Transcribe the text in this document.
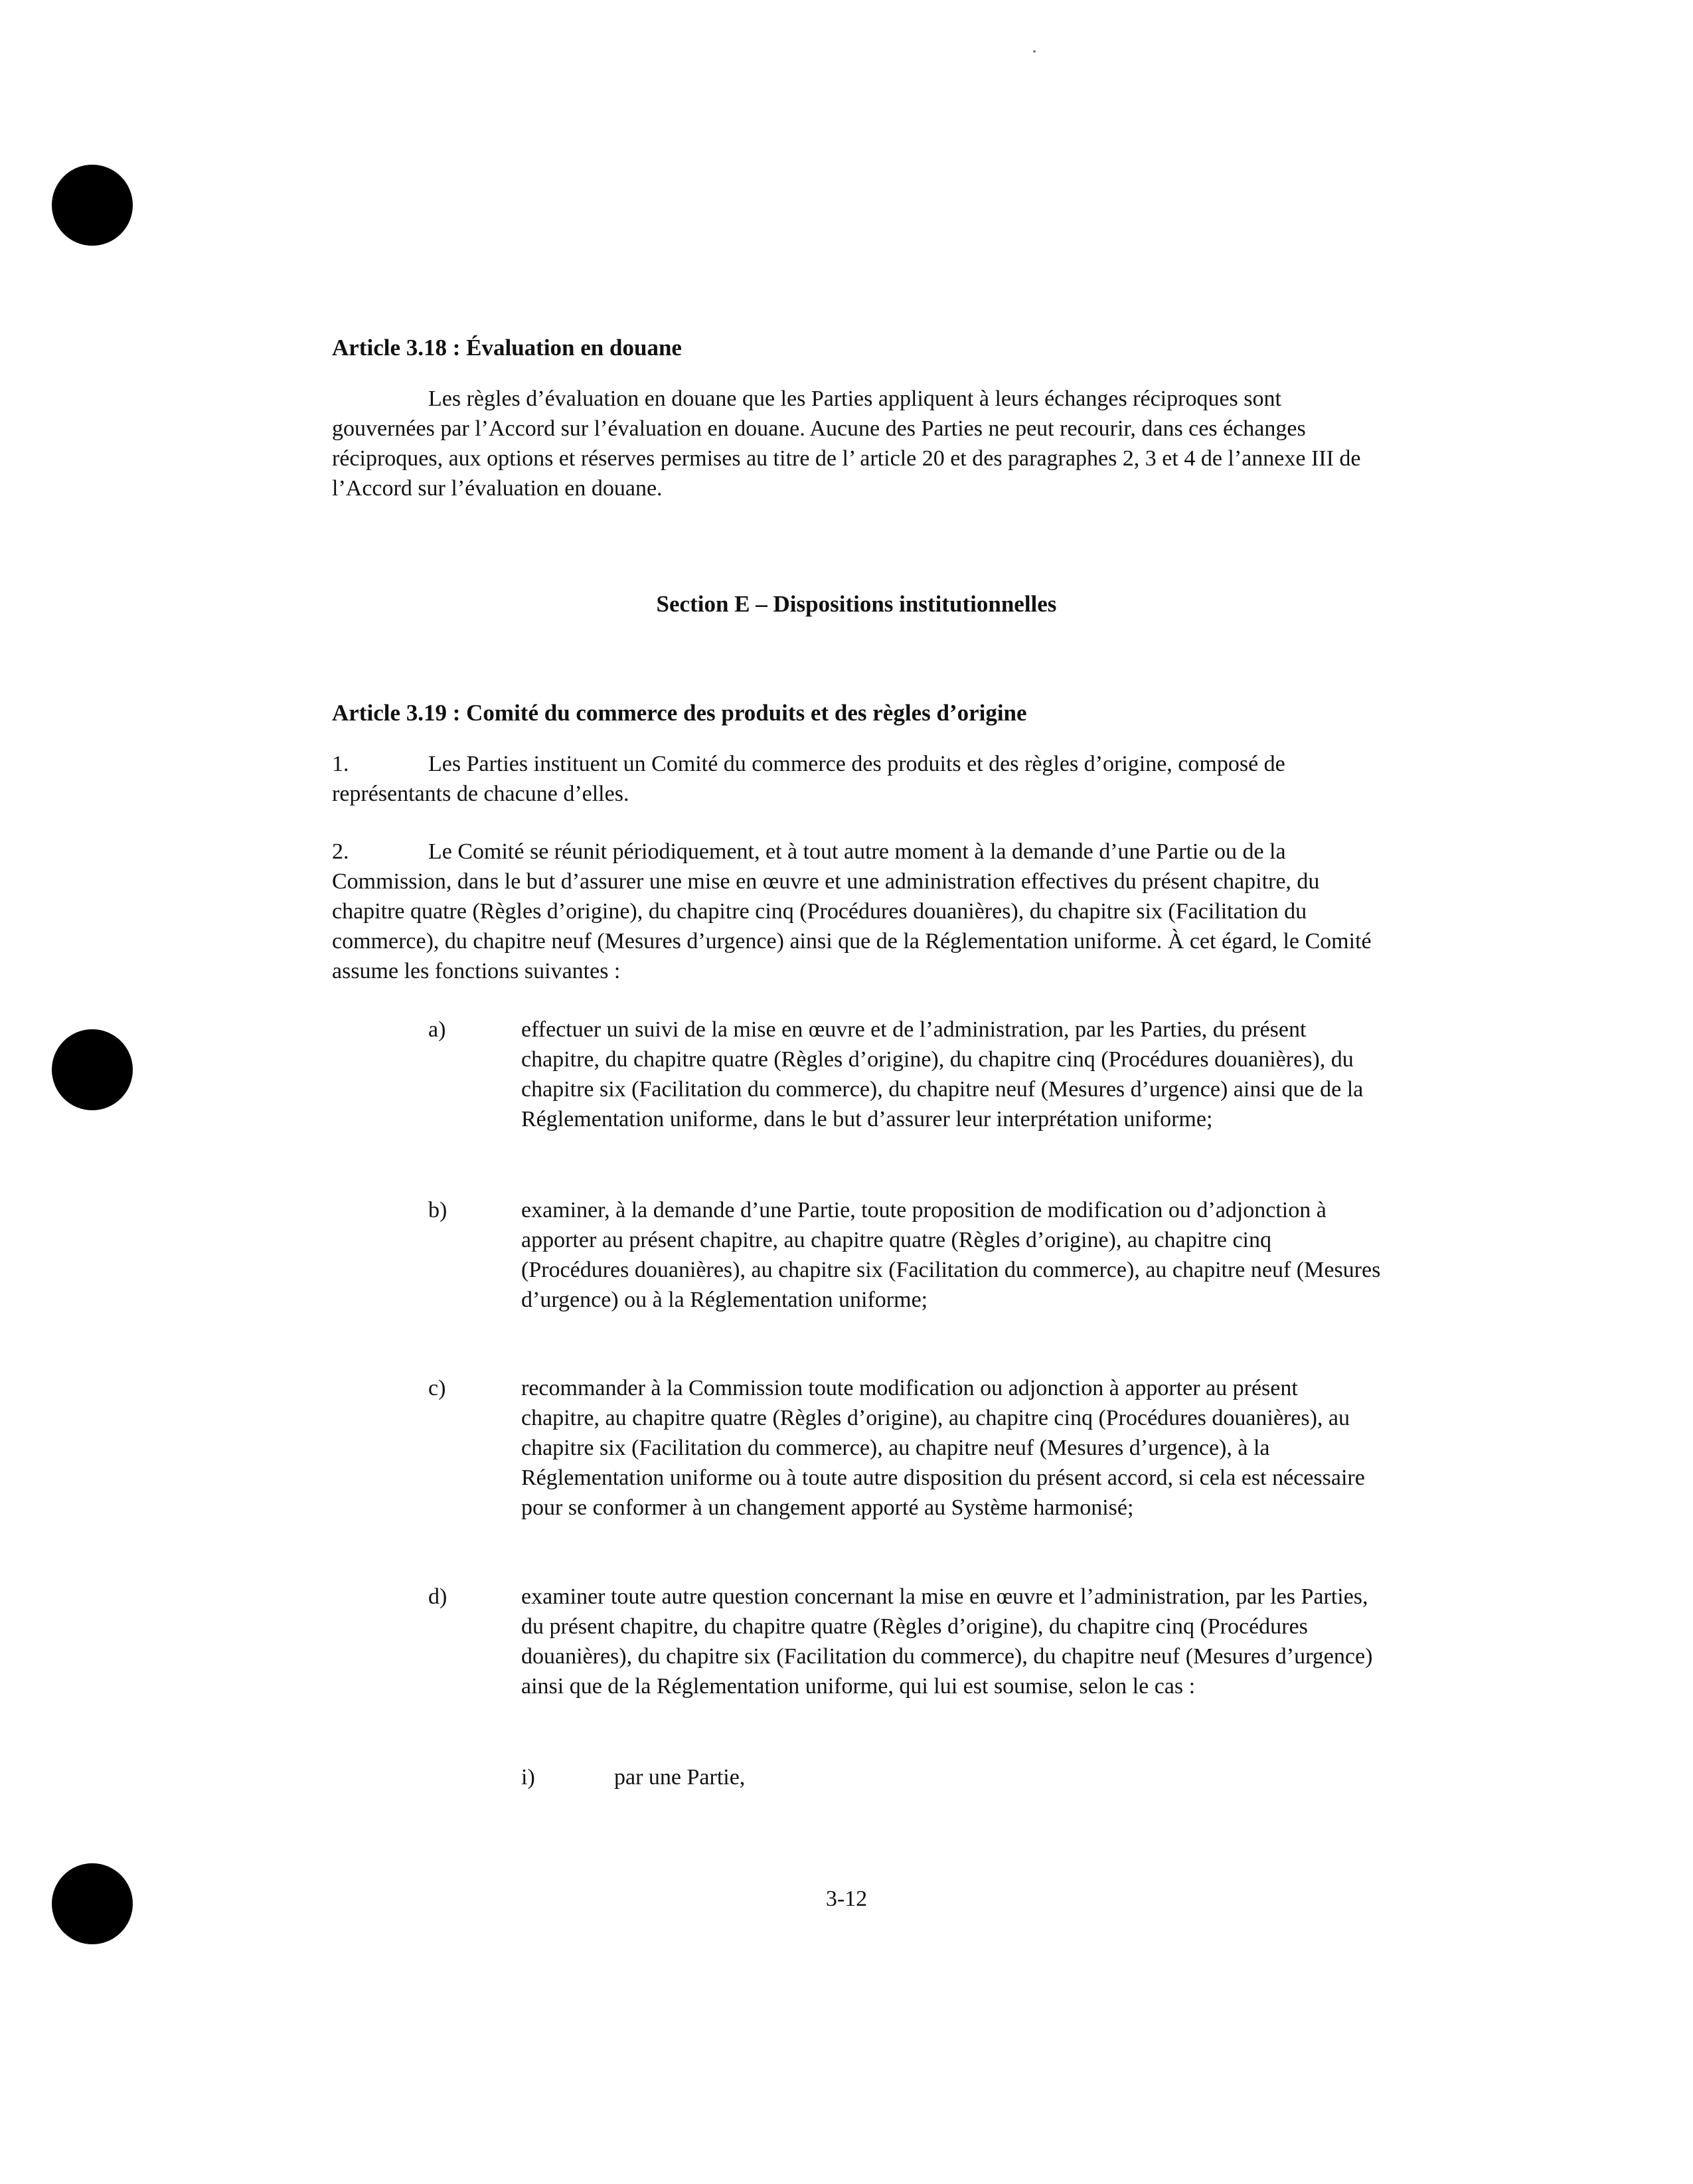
Article 3.18 : Évaluation en douane
Les règles d’évaluation en douane que les Parties appliquent à leurs échanges réciproques sont gouvernées par l’Accord sur l’évaluation en douane. Aucune des Parties ne peut recourir, dans ces échanges réciproques, aux options et réserves permises au titre de l’ article 20 et des paragraphes 2, 3 et 4 de l’annexe III de l’Accord sur l’évaluation en douane.
Section E – Dispositions institutionnelles
Article 3.19 : Comité du commerce des produits et des règles d’origine
1.	Les Parties instituent un Comité du commerce des produits et des règles d’origine, composé de représentants de chacune d’elles.
2.	Le Comité se réunit périodiquement, et à tout autre moment à la demande d’une Partie ou de la Commission, dans le but d’assurer une mise en œuvre et une administration effectives du présent chapitre, du chapitre quatre (Règles d’origine), du chapitre cinq (Procédures douanières), du chapitre six (Facilitation du commerce), du chapitre neuf (Mesures d’urgence) ainsi que de la Réglementation uniforme. À cet égard, le Comité assume les fonctions suivantes :
a)	effectuer un suivi de la mise en œuvre et de l’administration, par les Parties, du présent chapitre, du chapitre quatre (Règles d’origine), du chapitre cinq (Procédures douanières), du chapitre six (Facilitation du commerce), du chapitre neuf (Mesures d’urgence) ainsi que de la Réglementation uniforme, dans le but d’assurer leur interprétation uniforme;
b)	examiner, à la demande d’une Partie, toute proposition de modification ou d’adjonction à apporter au présent chapitre, au chapitre quatre (Règles d’origine), au chapitre cinq (Procédures douanières), au chapitre six (Facilitation du commerce), au chapitre neuf (Mesures d’urgence) ou à la Réglementation uniforme;
c)	recommander à la Commission toute modification ou adjonction à apporter au présent chapitre, au chapitre quatre (Règles d’origine), au chapitre cinq (Procédures douanières), au chapitre six (Facilitation du commerce), au chapitre neuf (Mesures d’urgence), à la Réglementation uniforme ou à toute autre disposition du présent accord, si cela est nécessaire pour se conformer à un changement apporté au Système harmonisé;
d)	examiner toute autre question concernant la mise en œuvre et l’administration, par les Parties, du présent chapitre, du chapitre quatre (Règles d’origine), du chapitre cinq (Procédures douanières), du chapitre six (Facilitation du commerce), du chapitre neuf (Mesures d’urgence) ainsi que de la Réglementation uniforme, qui lui est soumise, selon le cas :
i)	par une Partie,
3-12
